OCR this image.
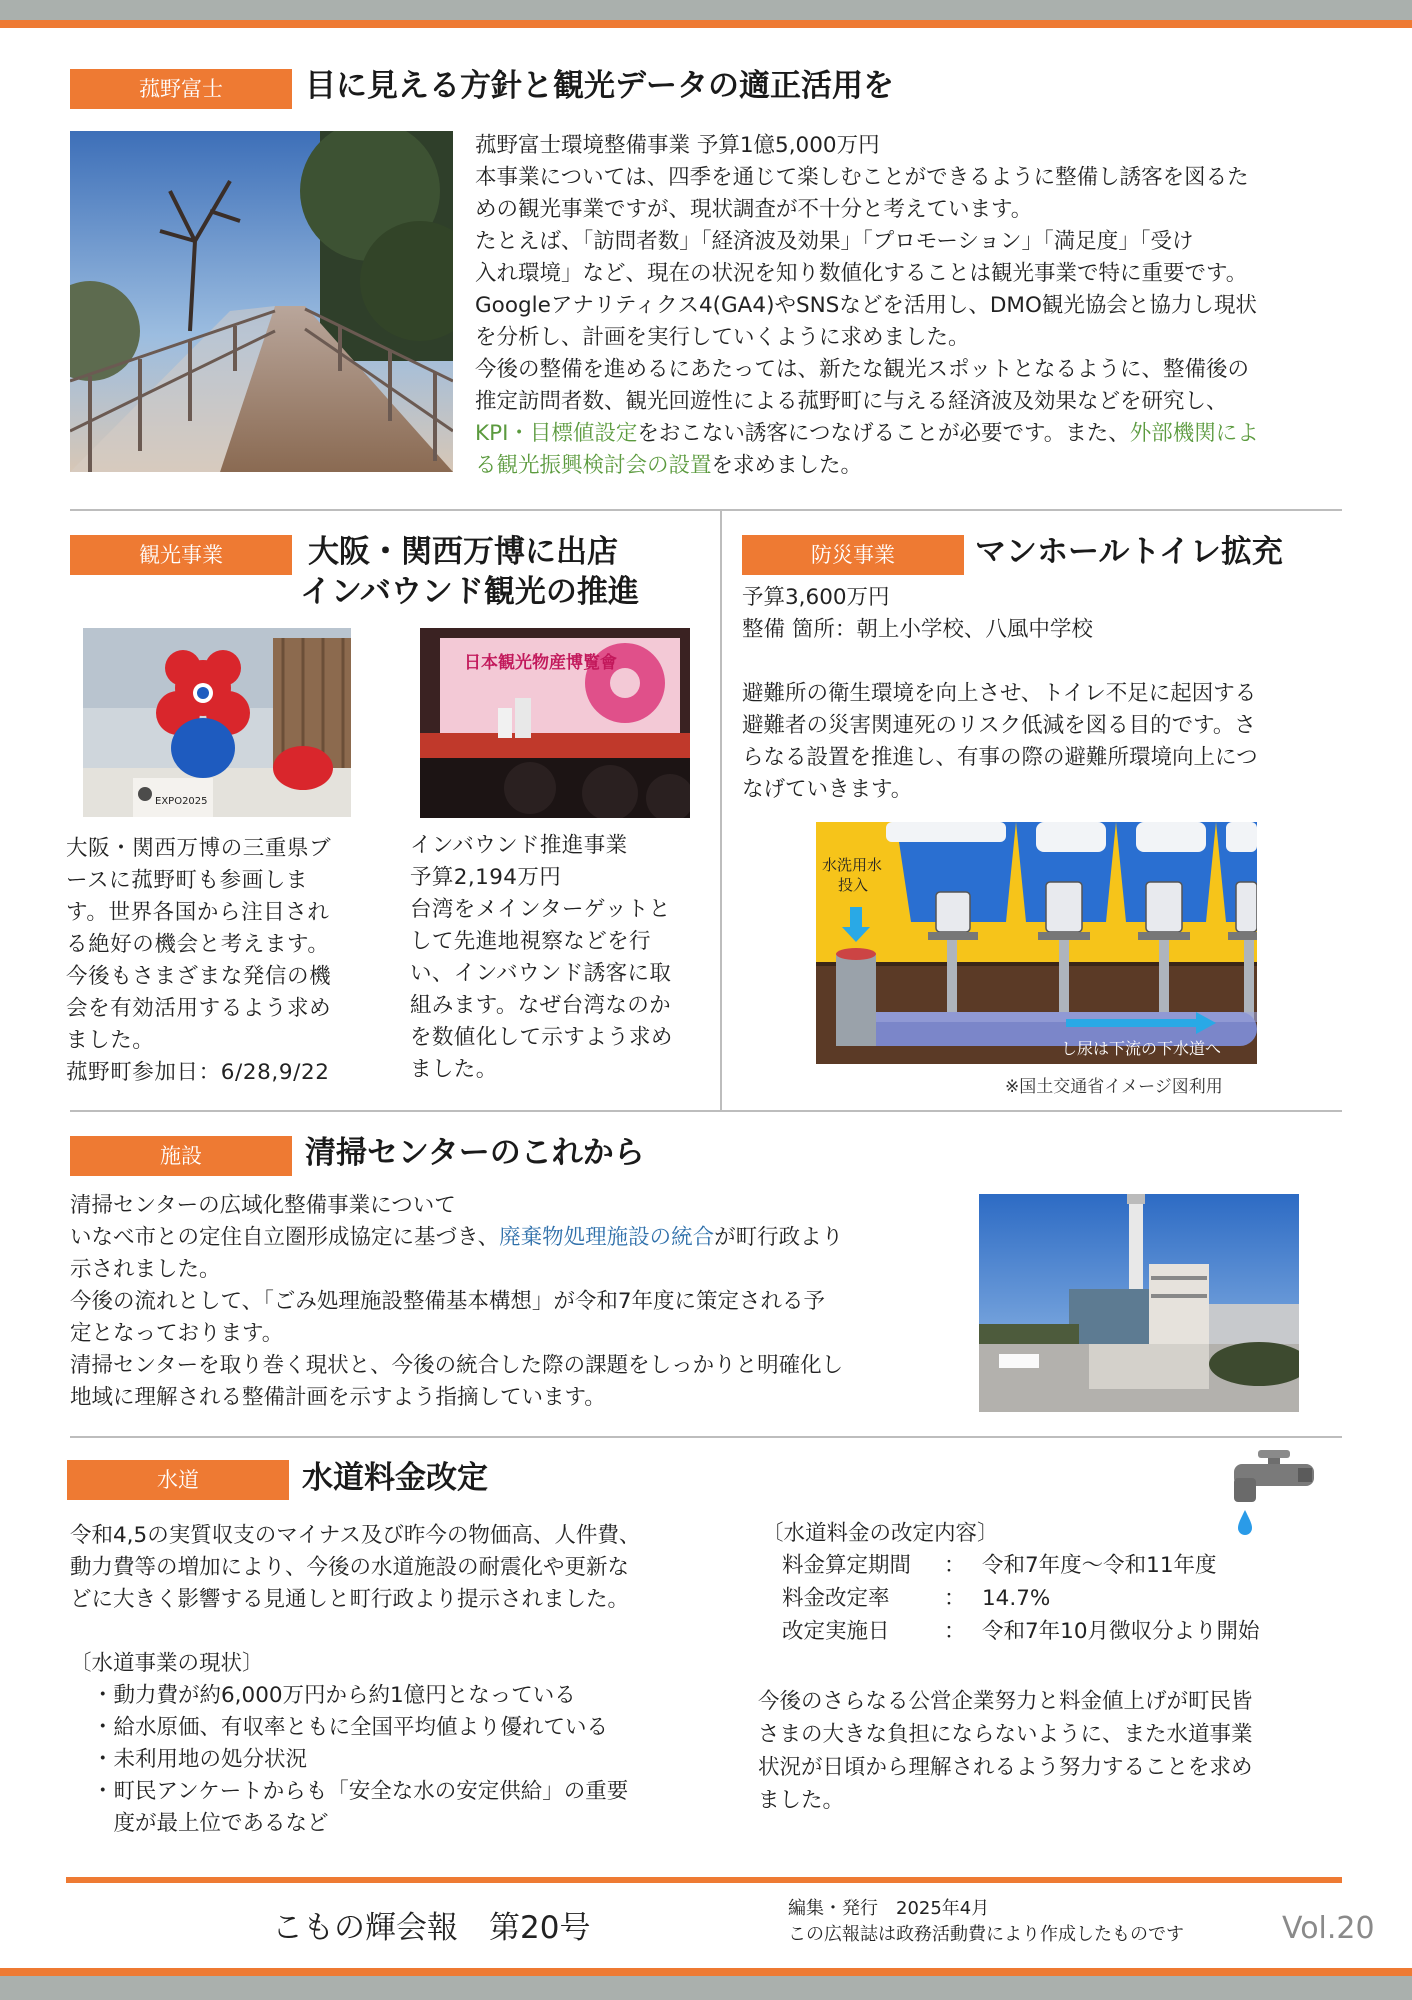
菰野富士	目に見える方針と観光データの適正活用を

菰野富士環境整備事業 予算1億5,000万円

本事業については、四季を通じて楽しむことができるように整備し誘客を図るた

めの観光事業ですが、現状調査が不十分と考えています。

たとえば、「訪問者数」「経済波及効果」「プロモーション」「満足度」「受け

入れ環境」など、現在の状況を知り数値化することは観光事業で特に重要です。

Googleアナリティクス4(GA4)やSNSなどを活用し、DMO観光協会と協力し現状

を分析し、計画を実行していくように求めました。

今後の整備を進めるにあたっては、新たな観光スポットとなるように、整備後の

推定訪問者数、観光回遊性による菰野町に与える経済波及効果などを研究し、

KPI・目標値設定をおこない誘客につなげることが必要です。また、外部機関によ

る観光振興検討会の設置を求めました。

観光事業	大阪・関西万博に出店
インバウンド観光の推進
EXPO2025
日本観光物産博覧會

大阪・関西万博の三重県ブ

ースに菰野町も参画しま

す。世界各国から注目され

る絶好の機会と考えます。

今後もさまざまな発信の機

会を有効活用するよう求め

ました。

菰野町参加日：6/28,9/22

インバウンド推進事業

予算2,194万円

台湾をメインターゲットと

して先進地視察などを行

い、インバウンド誘客に取

組みます。なぜ台湾なのか

を数値化して示すよう求め

ました。

防災事業	マンホールトイレ拡充

予算3,600万円

整備 箇所：朝上小学校、八風中学校

避難所の衛生環境を向上させ、トイレ不足に起因する

避難者の災害関連死のリスク低減を図る目的です。さ

らなる設置を推進し、有事の際の避難所環境向上につ

なげていきます。

水洗用水
投入
し尿は下流の下水道へ
※国土交通省イメージ図利用
施設	清掃センターのこれから

清掃センターの広域化整備事業について

いなべ市との定住自立圏形成協定に基づき、廃棄物処理施設の統合が町行政より

示されました。

今後の流れとして、「ごみ処理施設整備基本構想」が令和7年度に策定される予

定となっております。

清掃センターを取り巻く現状と、今後の統合した際の課題をしっかりと明確化し

地域に理解される整備計画を示すよう指摘しています。

水道	水道料金改定

令和4,5の実質収支のマイナス及び昨今の物価高、人件費、

動力費等の増加により、今後の水道施設の耐震化や更新な

どに大きく影響する見通しと町行政より提示されました。

〔水道事業の現状〕

・動力費が約6,000万円から約1億円となっている

・給水原価、有収率ともに全国平均値より優れている

・未利用地の処分状況

・町民アンケートからも「安全な水の安定供給」の重要

　度が最上位であるなど

〔水道料金の改定内容〕

料金算定期間	： 令和7年度〜令和11年度
料金改定率	： 14.7%
改定実施日	： 令和7年10月徴収分より開始

今後のさらなる公営企業努力と料金値上げが町民皆

さまの大きな負担にならないように、また水道事業

状況が日頃から理解されるよう努力することを求め

ました。

こもの輝会報　第20号

編集・発行　2025年4月

この広報誌は政務活動費により作成したものです	Vol.20
